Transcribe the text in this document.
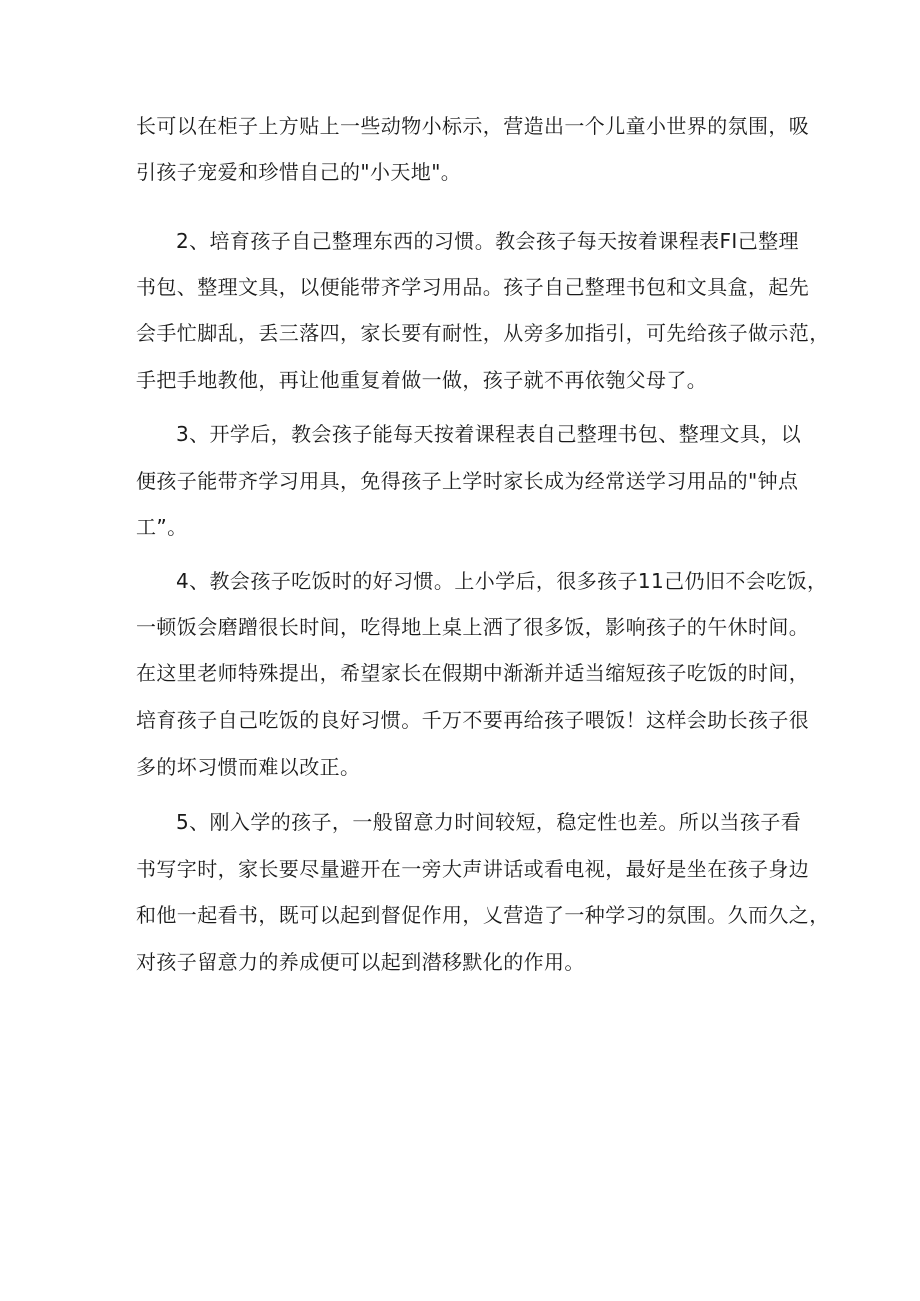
长可以在柜子上方贴上一些动物小标示，营造出一个儿童小世界的氛围，吸
引孩子宠爱和珍惜自己的"小天地"。
2、培育孩子自己整理东西的习惯。教会孩子每天按着课程表FI己整理
书包、整理文具，以便能带齐学习用品。孩子自己整理书包和文具盒，起先
会手忙脚乱，丢三落四，家长要有耐性，从旁多加指引，可先给孩子做示范，
手把手地教他，再让他重复着做一做，孩子就不再依匏父母了。
3、开学后，教会孩子能每天按着课程表自己整理书包、整理文具，以
便孩子能带齐学习用具，免得孩子上学时家长成为经常送学习用品的"钟点
工”。
4、教会孩子吃饭时的好习惯。上小学后，很多孩子11己仍旧不会吃饭，
一顿饭会磨蹭很长时间，吃得地上桌上洒了很多饭，影响孩子的午休时间。
在这里老师特殊提出，希望家长在假期中渐渐并适当缩短孩子吃饭的时间，
培育孩子自己吃饭的良好习惯。千万不要再给孩子喂饭！这样会助长孩子很
多的坏习惯而难以改正。
5、刚入学的孩子，一般留意力时间较短，稳定性也差。所以当孩子看
书写字时，家长要尽量避开在一旁大声讲话或看电视，最好是坐在孩子身边
和他一起看书，既可以起到督促作用，乂营造了一种学习的氛围。久而久之，
对孩子留意力的养成便可以起到潜移默化的作用。
